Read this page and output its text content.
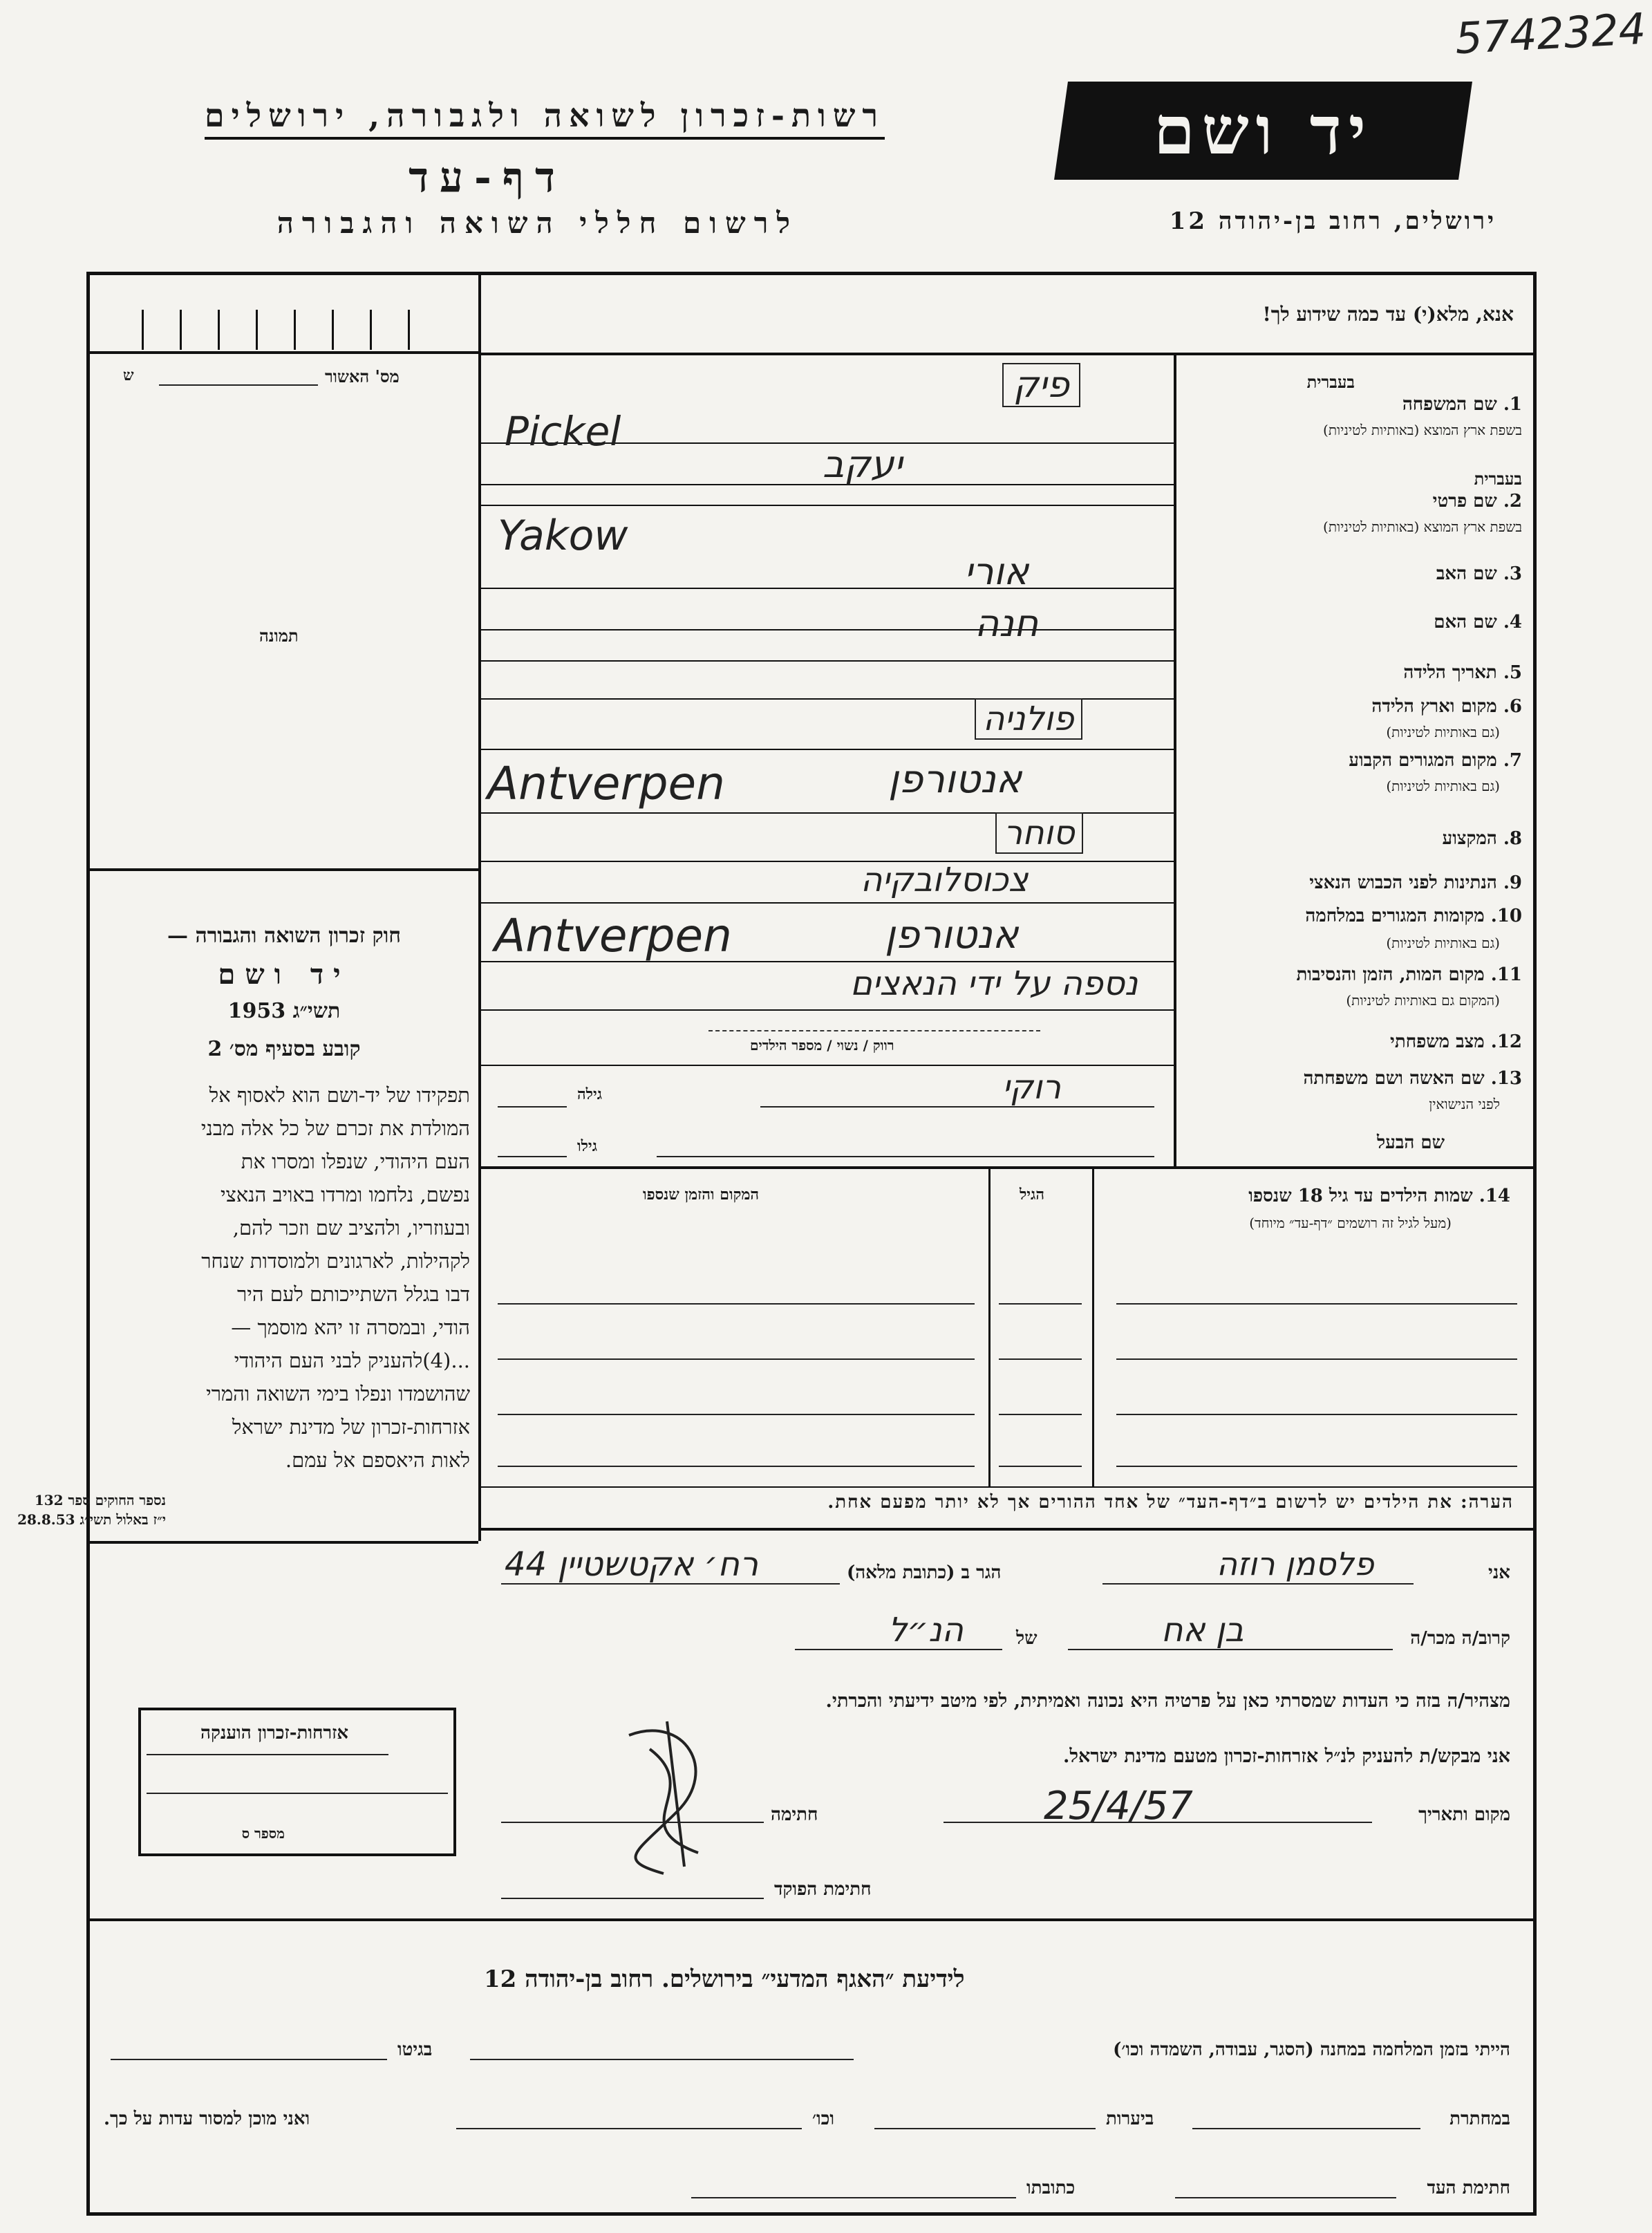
5742324
רשות-זכרון לשואה ולגבורה, ירושלים
דף-עד
לרשום חללי השואה והגבורה
יד ושם
ירושלים, רחוב בן-יהודה 12
מס' האשור
ש
תמונה
חוק זכרון השואה והגבורה —
יד ושם
תשי״ג 1953
קובע בסעיף מס׳ 2
תפקידו של יד-ושם הוא לאסוף אל
המולדת את זכרם של כל אלה מבני
העם היהודי, שנפלו ומסרו את
נפשם, נלחמו ומרדו באויב הנאצי
ובעוזריו, ולהציב שם וזכר להם,
לקהילות, לארגונים ולמוסדות שנחר
דבו בגלל השתייכותם לעם היר
הודי, ובמסרה זו יהא מוסמך —
...(4)להעניק לבני העם היהודי
שהושמדו ונפלו בימי השואה והמרי
אזרחות-זכרון של מדינת ישראל
לאות היאספם אל עמם.
נספר החוקים ספר 132
י״ז באלול תשי״ג 28.8.53
אזרחות-זכרון הוענקה
מספר ס
אנא, מלא(י) עד כמה שידוע לך!
בעברית
1. שם המשפחה
בשפת ארץ המוצא (באותיות לטיניות)
בעברית
2. שם פרטי
בשפת ארץ המוצא (באותיות לטיניות)
3. שם האב
4. שם האם
5. תאריך הלידה
6. מקום וארץ הלידה
(גם באותיות לטיניות)
7. מקום המגורים הקבוע
(גם באותיות לטיניות)
8. המקצוע
9. הנתינות לפני הכבוש הנאצי
10. מקומות המגורים במלחמה
(גם באותיות לטיניות)
11. מקום המות, הזמן והנסיבות
(המקום גם באותיות לטיניות)
12. מצב משפחתי
13. שם האשה ושם משפחתה
לפני הנישואין
שם הבעל
פיק
Pickel
יעקב
Yakow
אורי
חנה
פולניה
Antverpen	אנטורפן
סוחר
צכוסלובקיה
Antverpen	אנטורפן
נספה על ידי הנאצים
רווק / נשוי / מספר הילדים
רוקי
גילה
גילו
14. שמות הילדים עד גיל 18 שנספו
(מעל לגיל זה רושמים ״דף-עד״ מיוחד)
הגיל
המקום והזמן שנספו
הערה: את הילדים יש לרשום ב״דף-העד״ של אחד ההורים אך לא יותר מפעם אחת.
אני
פלסמן רוזה
הגר ב (כתובת מלאה)
רח׳ אקטשטיין 44
קרוב/ה מכר/ה
בן אח
של
הנ״ל
מצהיר/ה בזה כי העדות שמסרתי כאן על פרטיה היא נכונה ואמיתית, לפי מיטב ידיעתי והכרתי.
אני מבקש/ת להעניק לנ״ל אזרחות-זכרון מטעם מדינת ישראל.
מקום ותאריך
25/4/57
חתימה
חתימת הפוקד
לידיעת ״האגף המדעי״ בירושלים. רחוב בן-יהודה 12
הייתי בזמן המלחמה במחנה (הסגר, עבודה, השמדה וכו׳)
בגיטו
במחתרת
ביערות
וכו׳
ואני מוכן למסור עדות על כך.
חתימת העד
כתובתו
